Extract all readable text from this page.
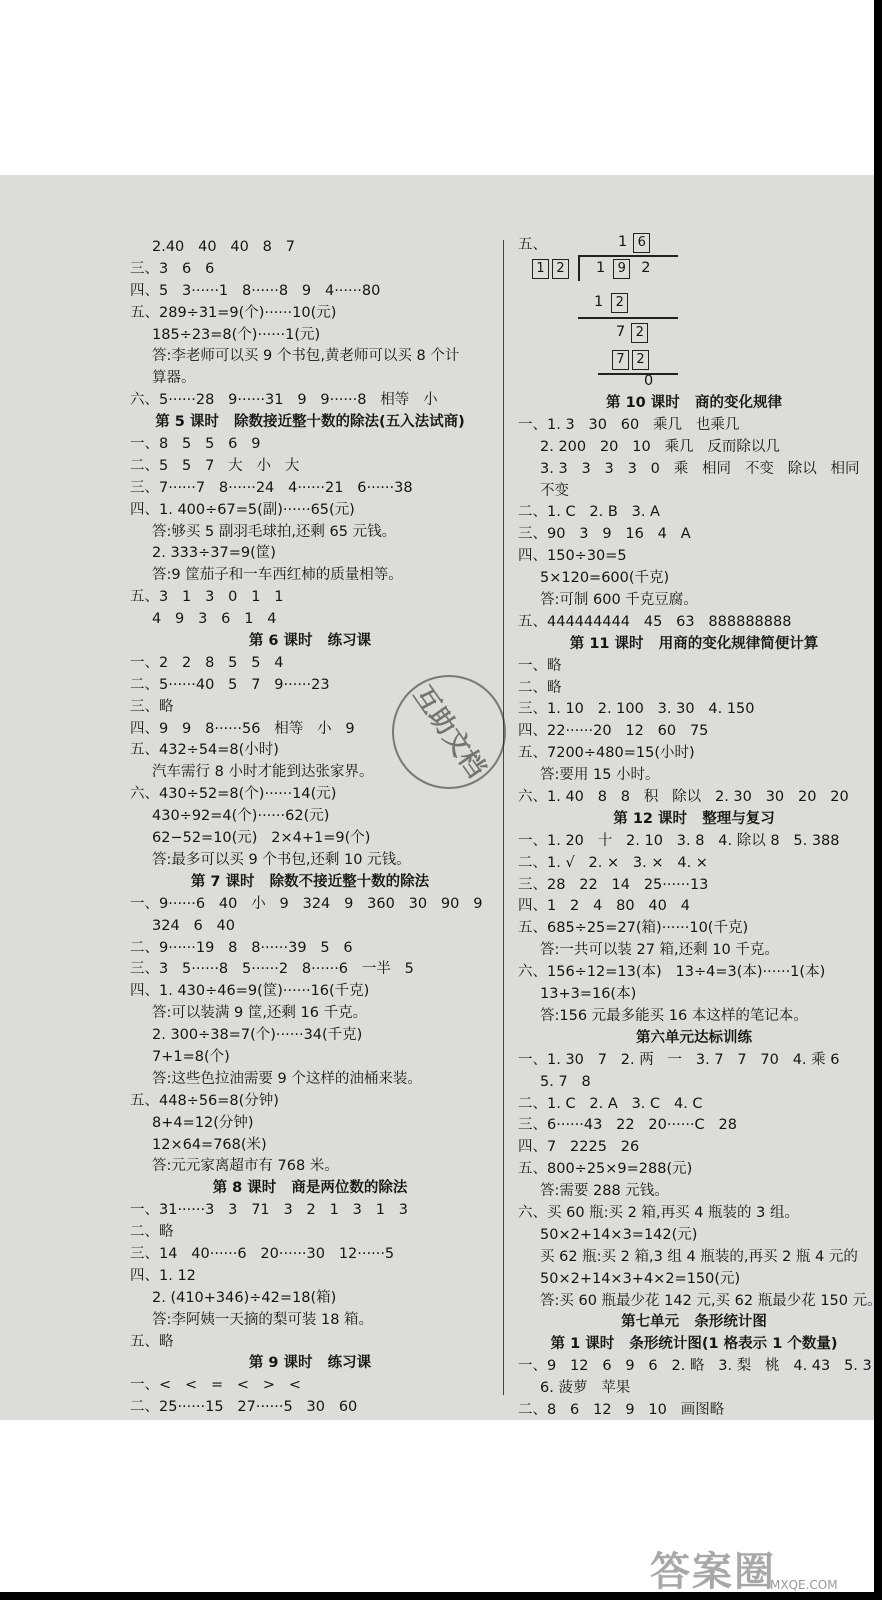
2.40   40   40   8   7
三、3   6   6
四、5   3······1   8······8   9   4······80
五、289÷31=9(个)······10(元)
185÷23=8(个)······1(元)
答:李老师可以买 9 个书包,黄老师可以买 8 个计
算器。
六、5······28   9······31   9   9······8   相等   小
第 5 课时   除数接近整十数的除法(五入法试商)
一、8   5   5   6   9
二、5   5   7   大   小   大
三、7······7   8······24   4······21   6······38
四、1. 400÷67=5(副)······65(元)
答:够买 5 副羽毛球拍,还剩 65 元钱。
2. 333÷37=9(筐)
答:9 筐茄子和一车西红柿的质量相等。
五、3   1   3   0   1   1
4   9   3   6   1   4
第 6 课时   练习课
一、2   2   8   5   5   4
二、5······40   5   7   9······23
三、略
四、9   9   8······56   相等   小   9
五、432÷54=8(小时)
汽车需行 8 小时才能到达张家界。
六、430÷52=8(个)······14(元)
430÷92=4(个)······62(元)
62−52=10(元)   2×4+1=9(个)
答:最多可以买 9 个书包,还剩 10 元钱。
第 7 课时   除数不接近整十数的除法
一、9······6   40   小   9   324   9   360   30   90   9
324   6   40
二、9······19   8   8······39   5   6
三、3   5······8   5······2   8······6   一半   5
四、1. 430÷46=9(筐)······16(千克)
答:可以装满 9 筐,还剩 16 千克。
2. 300÷38=7(个)······34(千克)
7+1=8(个)
答:这些色拉油需要 9 个这样的油桶来装。
五、448÷56=8(分钟)
8+4=12(分钟)
12×64=768(米)
答:元元家离超市有 768 米。
第 8 课时   商是两位数的除法
一、31······3   3   71   3   2   1   3   1   3
二、略
三、14   40······6   20······30   12······5
四、1. 12
2. (410+346)÷42=18(箱)
答:李阿姨一天摘的梨可装 18 箱。
五、略
第 9 课时   练习课
一、<   <   =   <   >   <
二、25······15   27······5   30   60
五、	1 6
1 2	1 9 2
1 2
7 2
7 2
0
第 10 课时   商的变化规律
一、1. 3   30   60   乘几   也乘几
2. 200   20   10   乘几   反而除以几
3. 3   3   3   3   0   乘   相同   不变   除以   相同
不变
二、1. C   2. B   3. A
三、90   3   9   16   4   A
四、150÷30=5
5×120=600(千克)
答:可制 600 千克豆腐。
五、444444444   45   63   888888888
第 11 课时   用商的变化规律简便计算
一、略
二、略
三、1. 10   2. 100   3. 30   4. 150
四、22······20   12   60   75
五、7200÷480=15(小时)
答:要用 15 小时。
六、1. 40   8   8   积   除以   2. 30   30   20   20
第 12 课时   整理与复习
一、1. 20   十   2. 10   3. 8   4. 除以 8   5. 388
二、1. √   2. ×   3. ×   4. ×
三、28   22   14   25······13
四、1   2   4   80   40   4
五、685÷25=27(箱)······10(千克)
答:一共可以装 27 箱,还剩 10 千克。
六、156÷12=13(本)   13÷4=3(本)······1(本)
13+3=16(本)
答:156 元最多能买 16 本这样的笔记本。
第六单元达标训练
一、1. 30   7   2. 两   一   3. 7   7   70   4. 乘 6
5. 7   8
二、1. C   2. A   3. C   4. C
三、6······43   22   20······C   28
四、7   2225   26
五、800÷25×9=288(元)
答:需要 288 元钱。
六、买 60 瓶:买 2 箱,再买 4 瓶装的 3 组。
50×2+14×3=142(元)
买 62 瓶:买 2 箱,3 组 4 瓶装的,再买 2 瓶 4 元的
50×2+14×3+4×2=150(元)
答:买 60 瓶最少花 142 元,买 62 瓶最少花 150 元。
第七单元   条形统计图
第 1 课时   条形统计图(1 格表示 1 个数量)
一、9   12   6   9   6   2. 略   3. 梨   桃   4. 43   5. 3
6. 菠萝   苹果
二、8   6   12   9   10   画图略
互助文档
答案圈
MXQE.COM
